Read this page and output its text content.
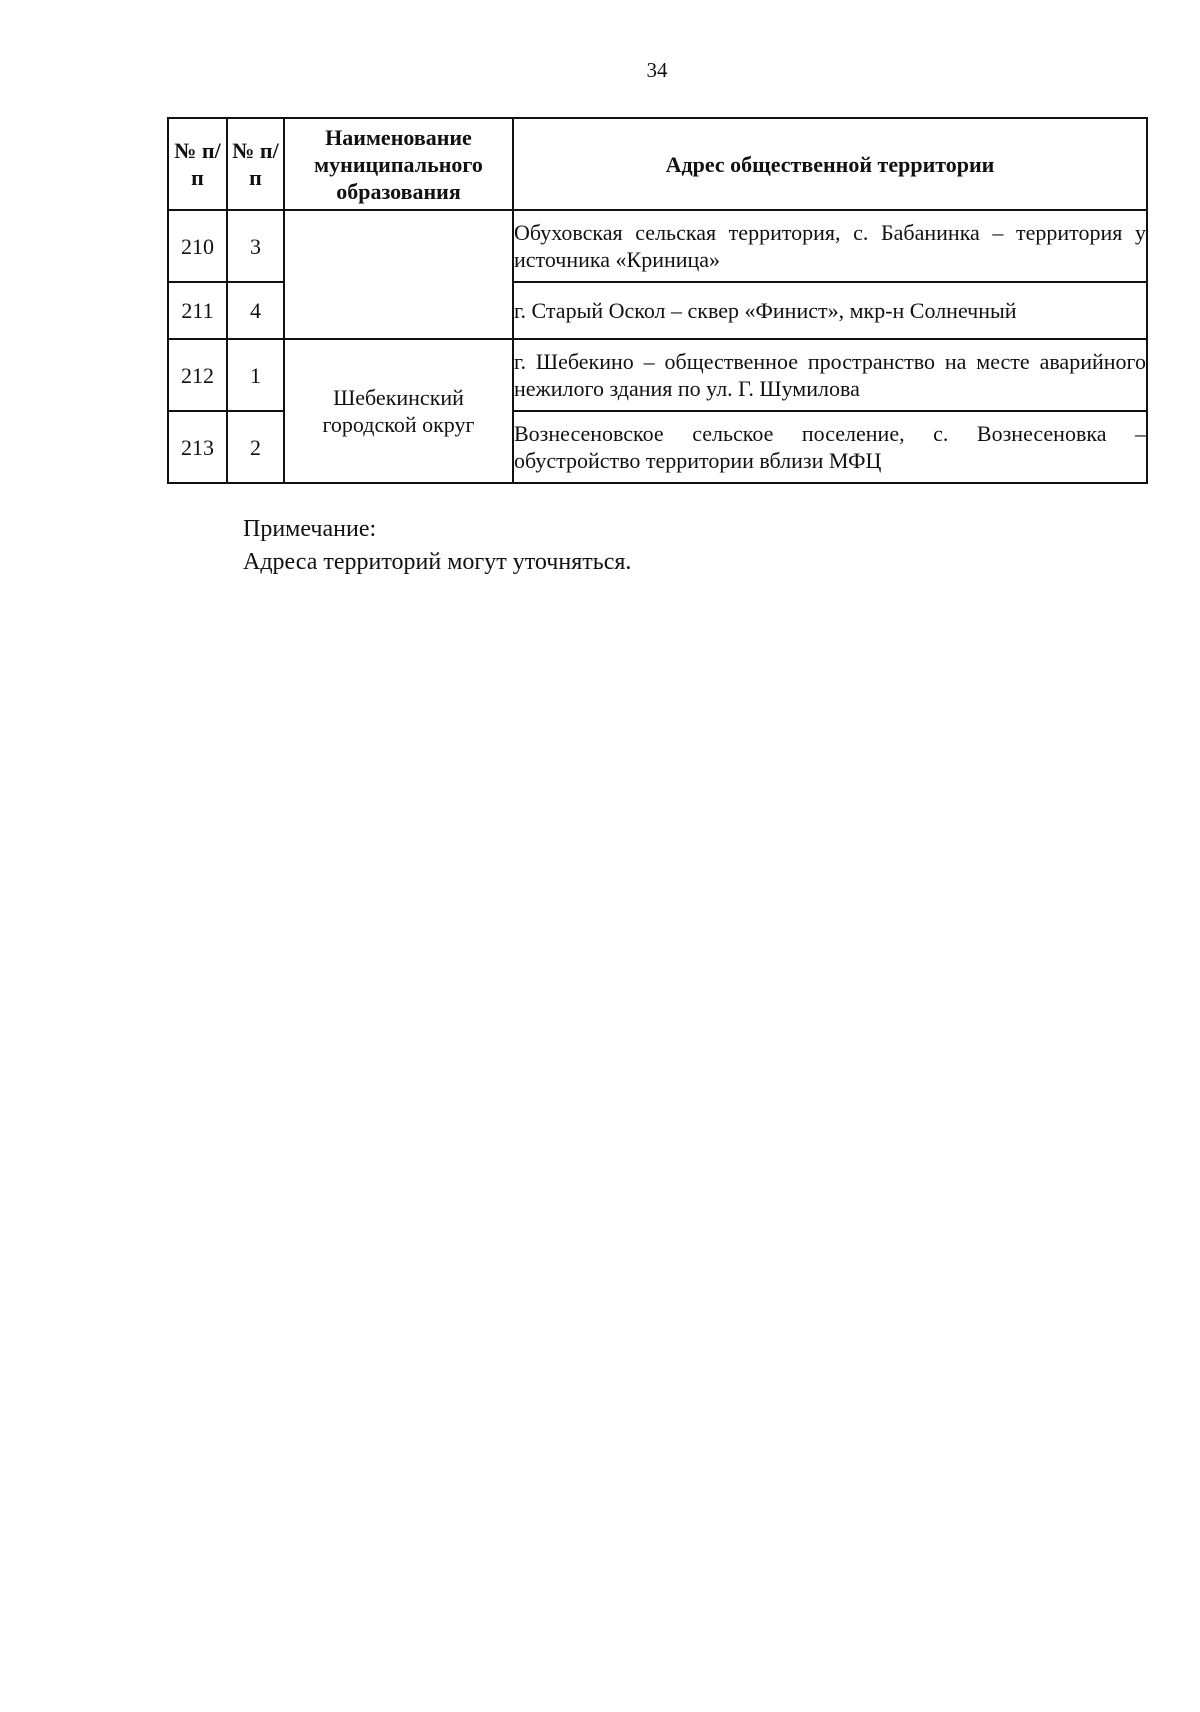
34
№ п/п	№ п/п	Наименование муниципального образования	Адрес общественной территории
210	3		Обуховская сельская территория, с. Бабанинка – территория у источника «Криница»
211	4		г. Старый Оскол – сквер «Финист», мкр-н Солнечный
212	1	Шебекинский городской округ	г. Шебекино – общественное пространство на месте аварийного нежилого здания по ул. Г. Шумилова
213	2		Вознесеновское сельское поселение, с. Вознесеновка – обустройство территории вблизи МФЦ
Примечание:
Адреса территорий могут уточняться.
